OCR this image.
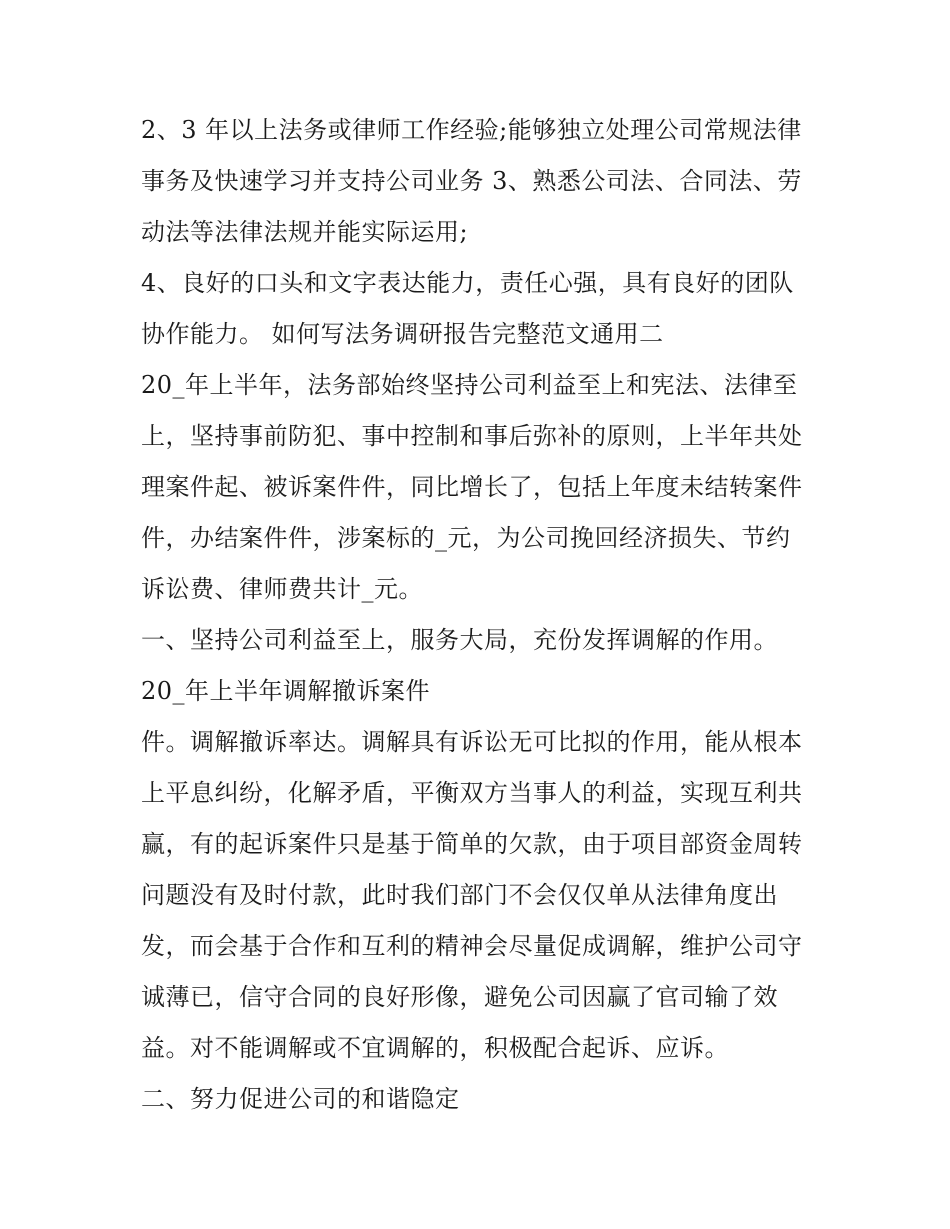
2、3 年以上法务或律师工作经验;能够独立处理公司常规法律
事务及快速学习并支持公司业务 3、熟悉公司法、合同法、劳
动法等法律法规并能实际运用;
4、良好的口头和文字表达能力，责任心强，具有良好的团队
协作能力。 如何写法务调研报告完整范文通用二
20_年上半年，法务部始终坚持公司利益至上和宪法、法律至
上，坚持事前防犯、事中控制和事后弥补的原则，上半年共处
理案件起、被诉案件件，同比增长了，包括上年度未结转案件
件，办结案件件，涉案标的_元，为公司挽回经济损失、节约
诉讼费、律师费共计_元。
一、坚持公司利益至上，服务大局，充份发挥调解的作用。
20_年上半年调解撤诉案件
件。调解撤诉率达。调解具有诉讼无可比拟的作用，能从根本
上平息纠纷，化解矛盾，平衡双方当事人的利益，实现互利共
赢，有的起诉案件只是基于简单的欠款，由于项目部资金周转
问题没有及时付款，此时我们部门不会仅仅单从法律角度出
发，而会基于合作和互利的精神会尽量促成调解，维护公司守
诚薄已，信守合同的良好形像，避免公司因赢了官司输了效
益。对不能调解或不宜调解的，积极配合起诉、应诉。
二、努力促进公司的和谐隐定
